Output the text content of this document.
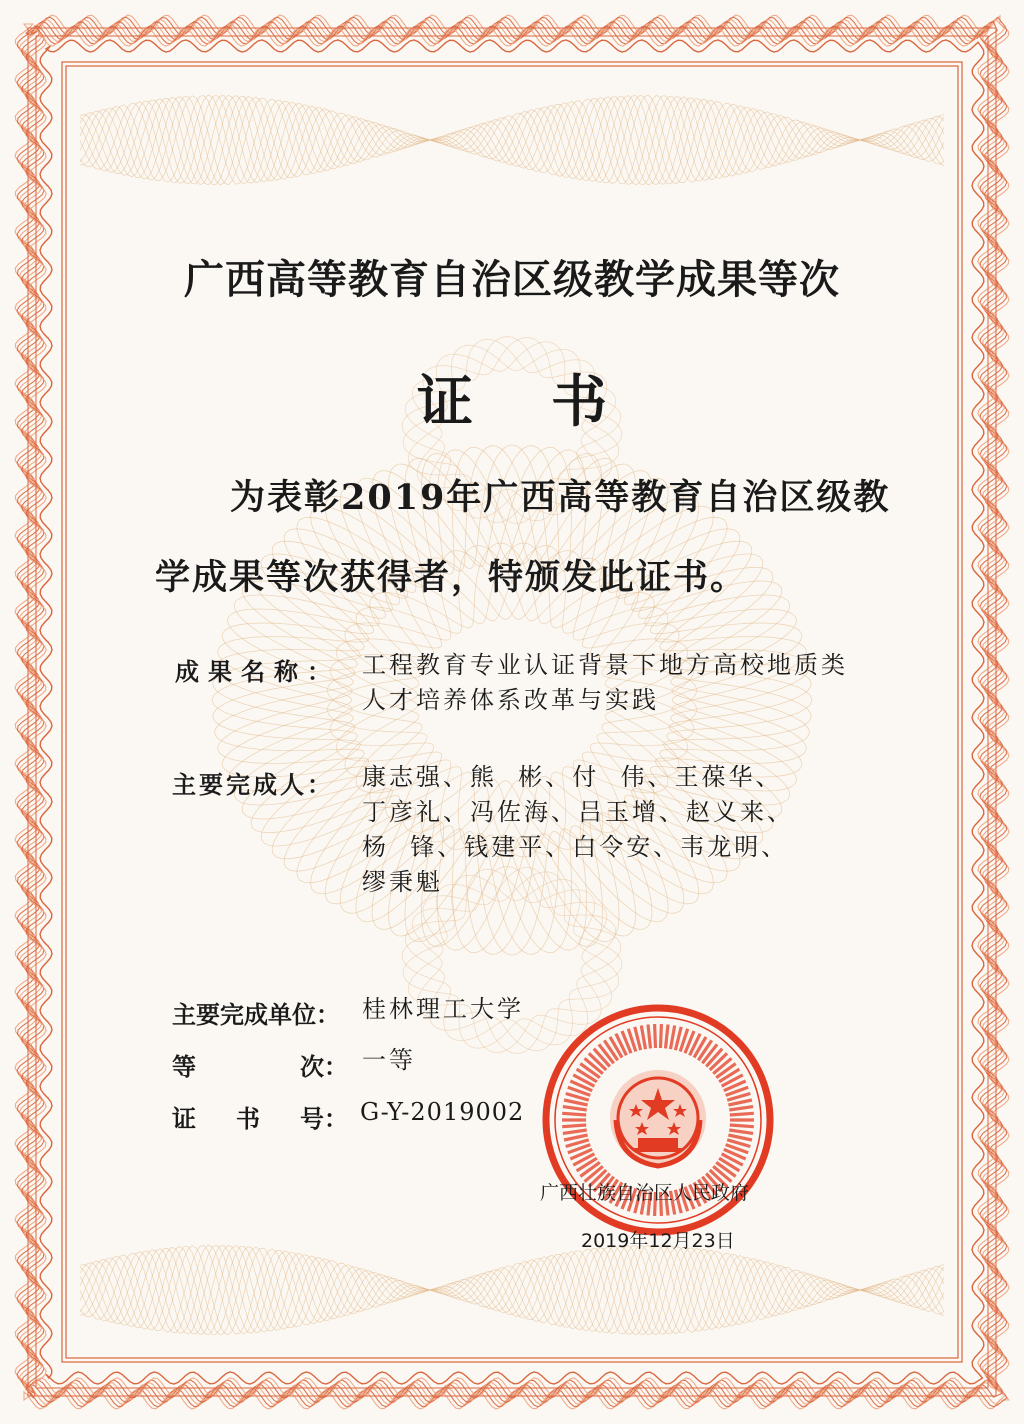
广西高等教育自治区级教学成果等次
证    书
为表彰2019年广西高等教育自治区级教
学成果等次获得者，特颁发此证书。
成果名称： 工程教育专业认证背景下地方高校地质类
人才培养体系改革与实践
主要完成人： 康志强、熊  彬、付  伟、王葆华、
丁彦礼、冯佐海、吕玉增、赵义来、
杨  锋、钱建平、白令安、韦龙明、
缪秉魁
主要完成单位： 桂林理工大学
等	次： 一等
证 书 号： G-Y-2019002
广西壮族自治区人民政府
2019年12月23日
